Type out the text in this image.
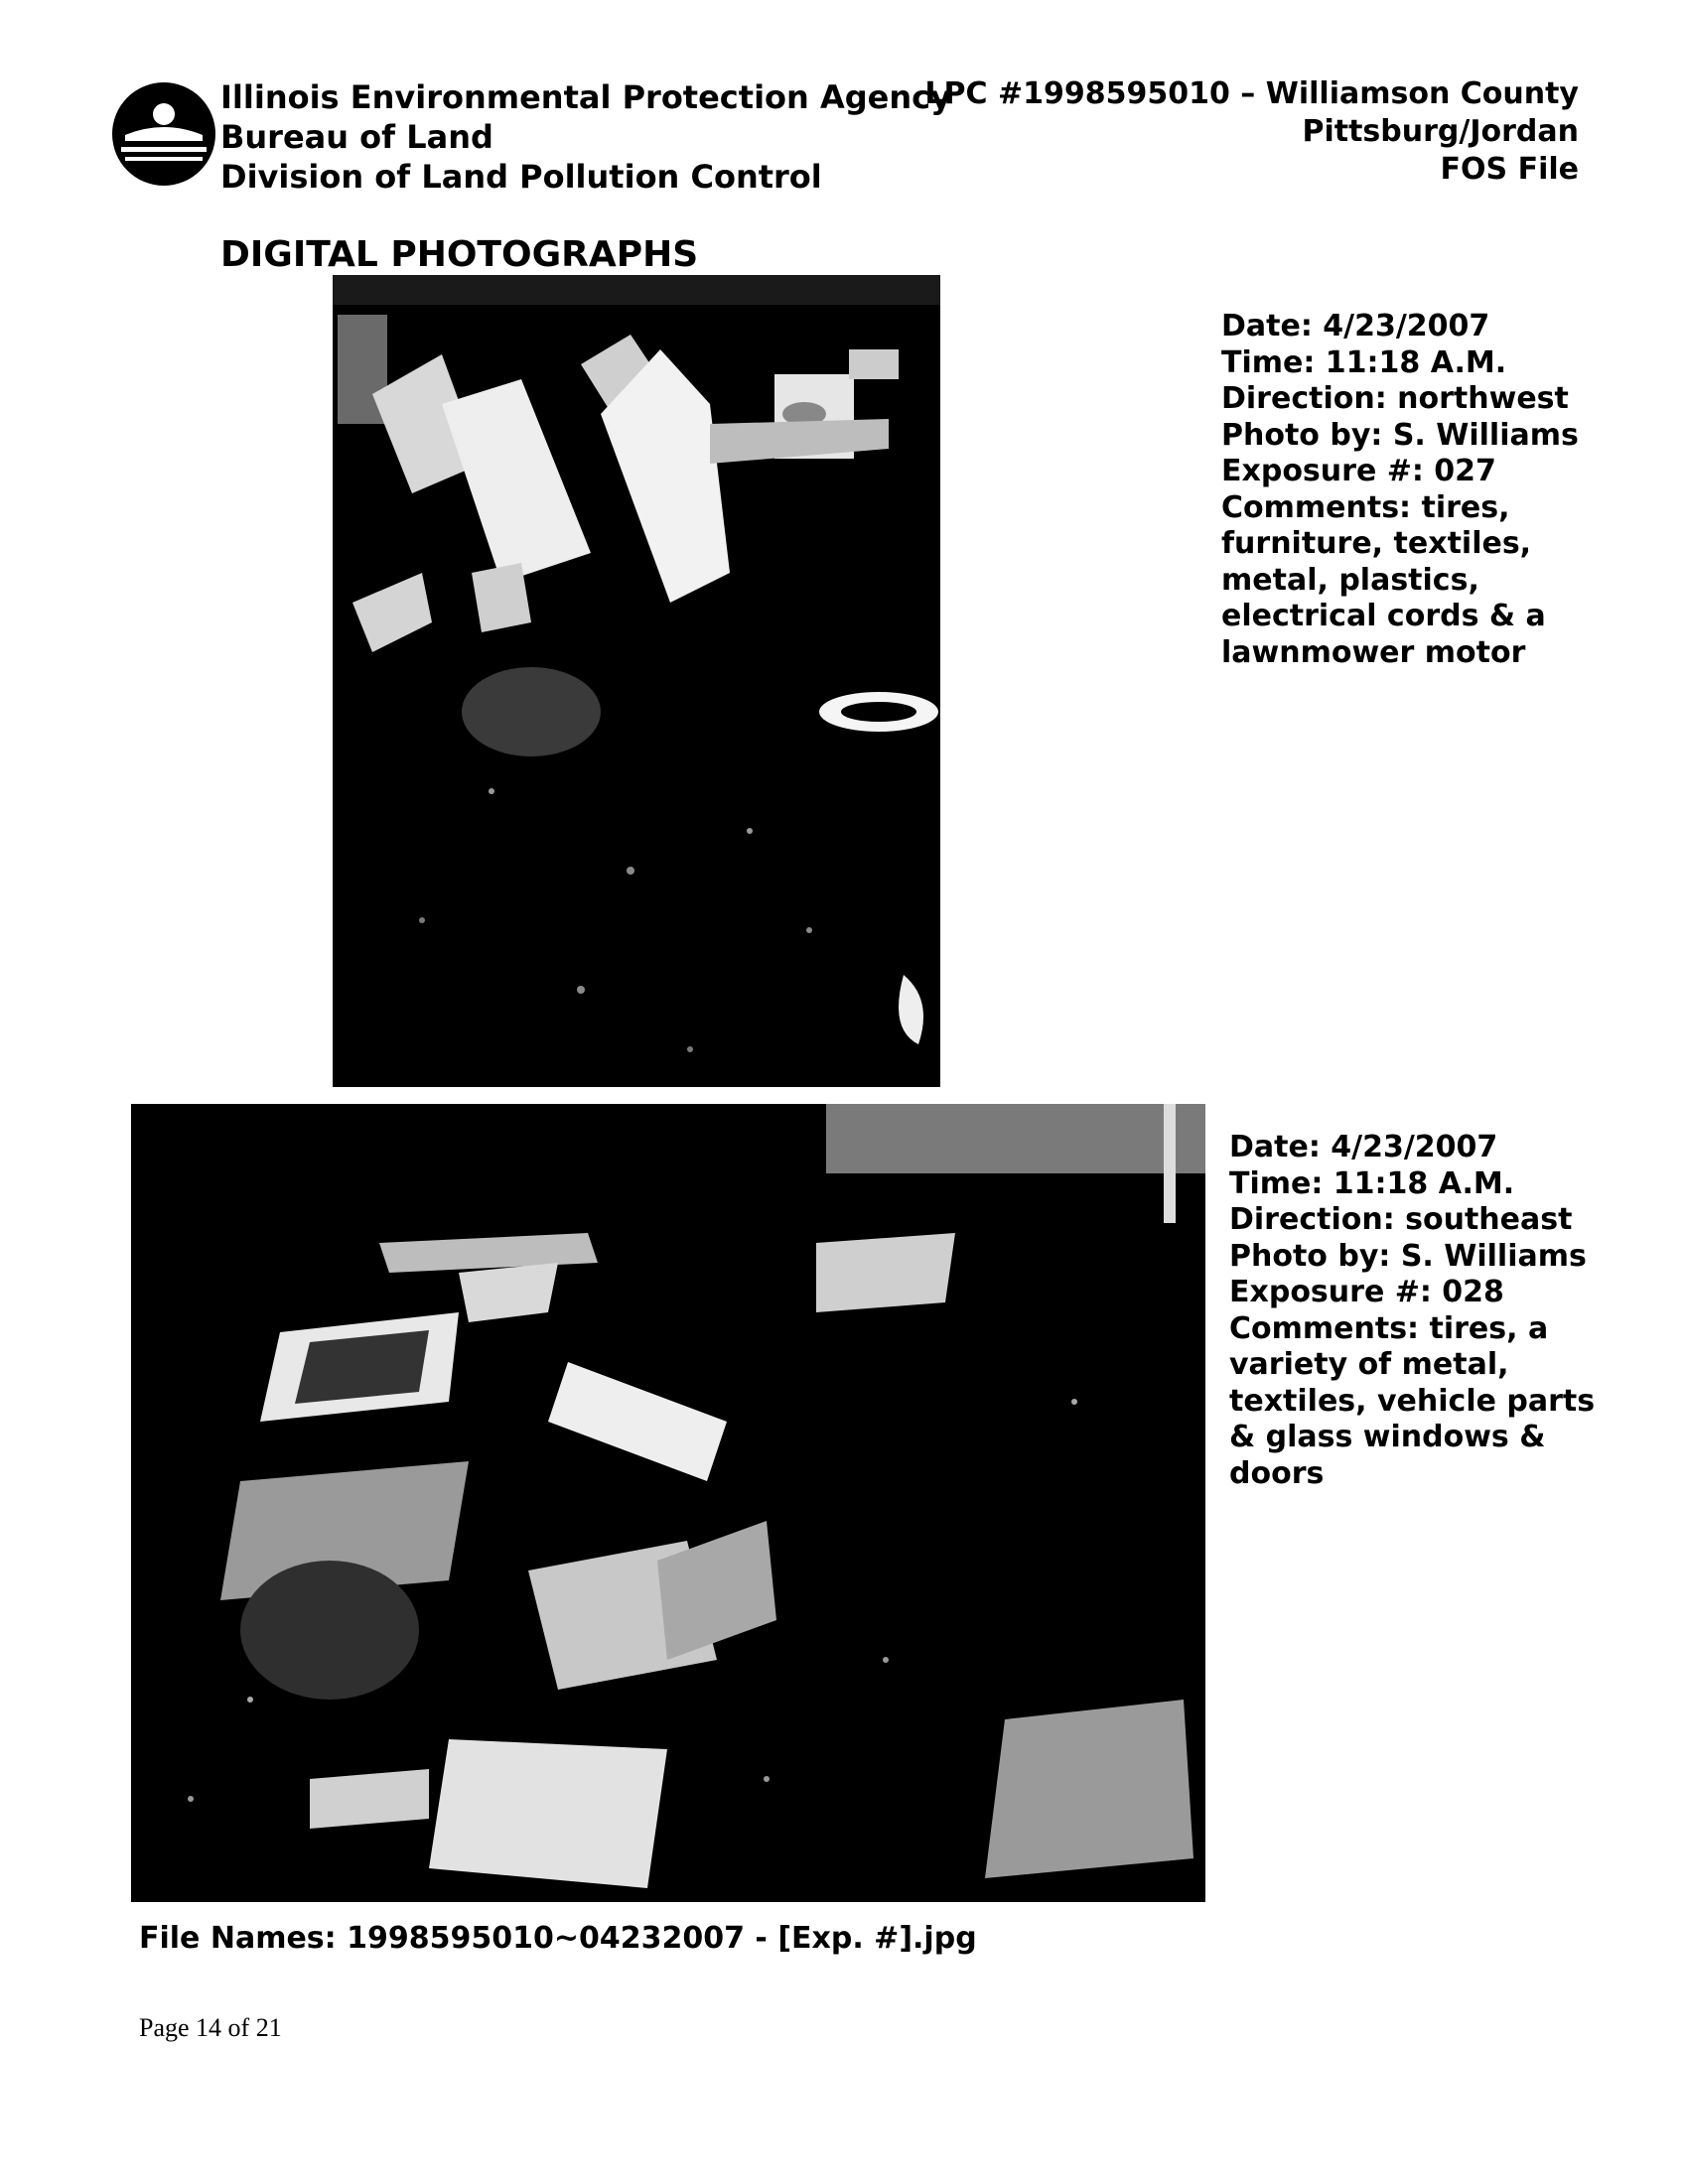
Illinois Environmental Protection Agency
Bureau of Land
Division of Land Pollution Control
LPC #1998595010 – Williamson County
Pittsburg/Jordan
FOS File
DIGITAL PHOTOGRAPHS
Date: 4/23/2007
Time: 11:18 A.M.
Direction: northwest
Photo by: S. Williams
Exposure #: 027
Comments: tires,
furniture, textiles,
metal, plastics,
electrical cords & a
lawnmower motor
Date: 4/23/2007
Time: 11:18 A.M.
Direction: southeast
Photo by: S. Williams
Exposure #: 028
Comments: tires, a
variety of metal,
textiles, vehicle parts
& glass windows &
doors
File Names: 1998595010~04232007 - [Exp. #].jpg
Page 14 of 21
